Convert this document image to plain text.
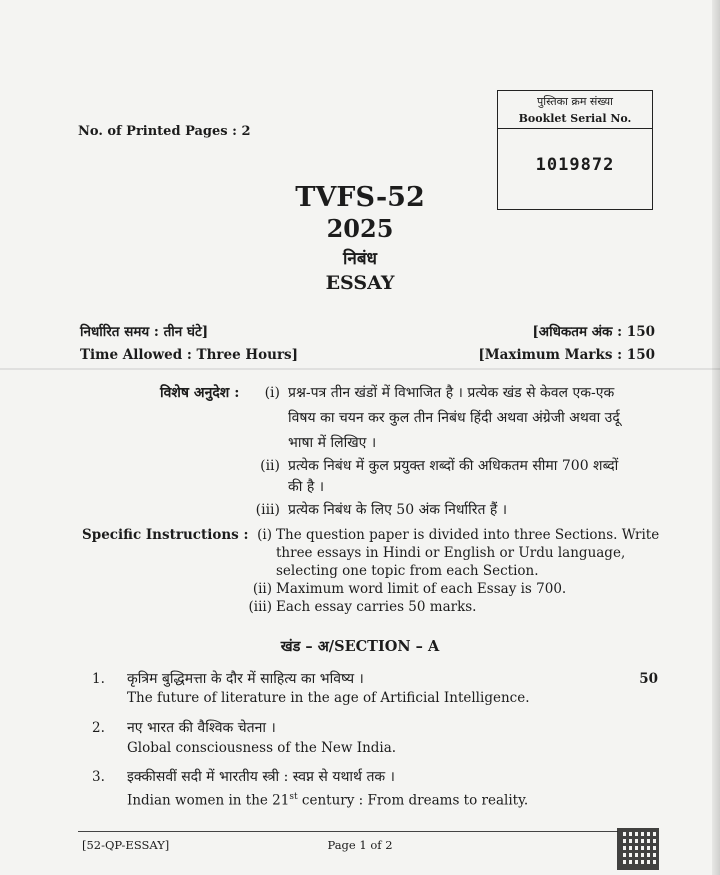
No. of Printed Pages : 2
पुस्तिका क्रम संख्या
Booklet Serial No.
1019872
TVFS-52
2025
निबंध
ESSAY
निर्धारित समय : तीन घंटे]	[अधिकतम अंक : 150
Time Allowed : Three Hours]	[Maximum Marks : 150
विशेष अनुदेश :	(i) प्रश्न-पत्र तीन खंडों में विभाजित है । प्रत्येक खंड से केवल एक-एक
विषय का चयन कर कुल तीन निबंध हिंदी अथवा अंग्रेजी अथवा उर्दू
भाषा में लिखिए ।
(ii) प्रत्येक निबंध में कुल प्रयुक्त शब्दों की अधिकतम सीमा 700 शब्दों
की है ।
(iii) प्रत्येक निबंध के लिए 50 अंक निर्धारित हैं ।
Specific Instructions : (i) The question paper is divided into three Sections. Write
three essays in Hindi or English or Urdu language,
selecting one topic from each Section.
(ii) Maximum word limit of each Essay is 700.
(iii) Each essay carries 50 marks.
खंड – अ/SECTION – A
1. कृत्रिम बुद्धिमत्ता के दौर में साहित्य का भविष्य ।	50
The future of literature in the age of Artificial Intelligence.
2. नए भारत की वैश्विक चेतना ।
Global consciousness of the New India.
3. इक्कीसवीं सदी में भारतीय स्त्री : स्वप्न से यथार्थ तक ।
Indian women in the 21st century : From dreams to reality.
[52-QP-ESSAY]	Page 1 of 2
